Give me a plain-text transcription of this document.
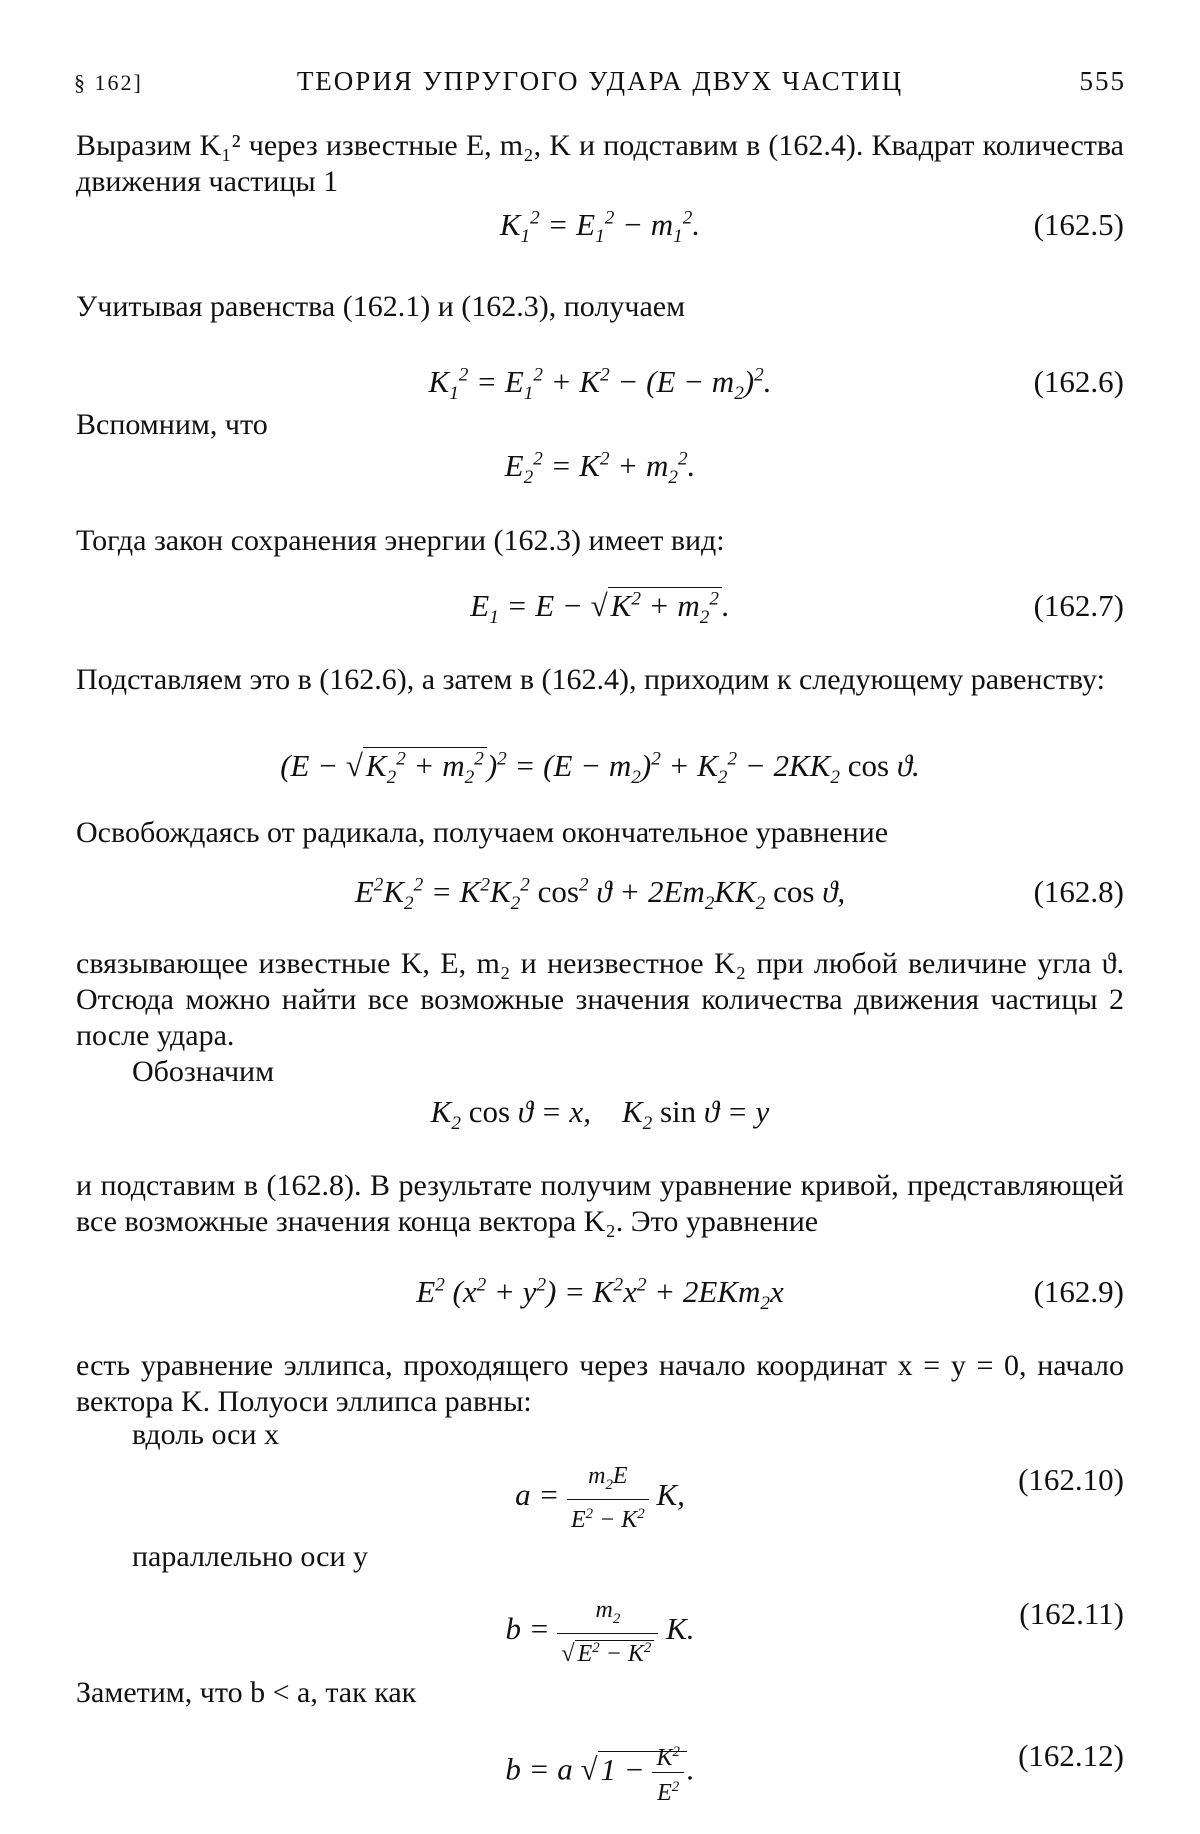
§ 162]	ТЕОРИЯ УПРУГОГО УДАРА ДВУХ ЧАСТИЦ	555
Выразим K₁² через известные E, m₂, K и подставим в (162.4). Квадрат количества движения частицы 1
$K_1^2 = E_1^2 - m_1^2$.	(162.5)
Учитывая равенства (162.1) и (162.3), получаем
$K_1^2 = E_1^2 + K^2 - (E - m_2)^2$.	(162.6)
Вспомним, что
$E_2^2 = K^2 + m_2^2$.
Тогда закон сохранения энергии (162.3) имеет вид:
$E_1 = E - √K^2 + m_2^2$.	(162.7)
Подставляем это в (162.6), а затем в (162.4), приходим к следующему равенству:
$(E - √K_2^2 + m_2^2)^2 = (E - m_2)^2 + K_2^2 - 2KK_2$ cos ϑ.
Освобождаясь от радикала, получаем окончательное уравнение
$E^2K_2^2 = K^2K_2^2$ $\cos^2 ϑ + 2Em_2KK_2$ cos ϑ,	(162.8)
связывающее известные K, E, m₂ и неизвестное K₂ при любой величине угла ϑ. Отсюда можно найти все возможные значения количества движения частицы 2 после удара.
Обозначим
$K_2$ cos ϑ = x,    $K_2$ sin ϑ = y
и подставим в (162.8). В результате получим уравнение кривой, представляющей все возможные значения конца вектора K₂. Это уравнение
$E^2$ $(x^2 + y^2) = K^2x^2 + 2EKm_2x$	(162.9)
есть уравнение эллипса, проходящего через начало координат x = y = 0, начало вектора K. Полуоси эллипса равны:
вдоль оси x
$a = \frac{m_2E}{E^2 - K^2} K$,	(162.10)
параллельно оси y
$b = \frac{m_2}{√ E^2 - K^2} K$.	(162.11)
Заметим, что b < a, так как
b = a $√1 - \frac{K^2}{E^2}$ .	(162.12)
